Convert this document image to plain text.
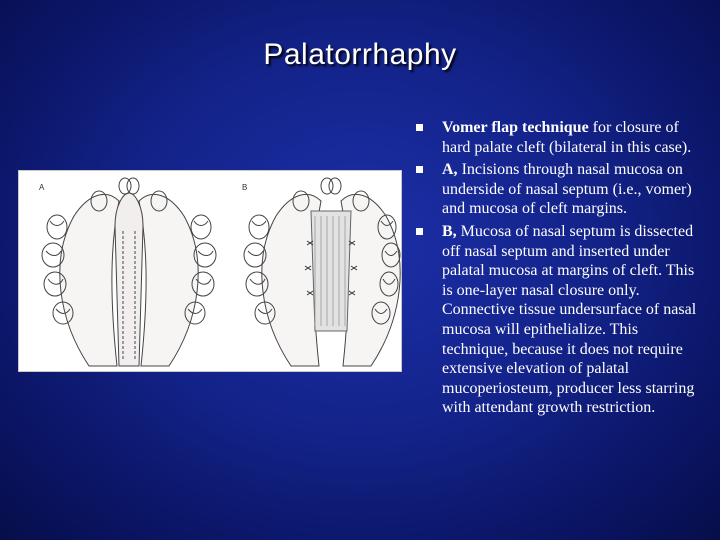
Palatorrhaphy
A	B
Vomer flap technique for closure of hard palate cleft (bilateral in this case).
A, Incisions through nasal mucosa on underside of nasal septum (i.e., vomer) and mucosa of cleft margins.
B, Mucosa of nasal septum is dissected off nasal septum and inserted under palatal mucosa at margins of cleft. This is one-layer nasal closure only. Connective tissue undersurface of nasal mucosa will epithelialize. This technique, because it does not require extensive elevation of palatal mucoperiosteum, producer less starring with attendant growth restriction.
